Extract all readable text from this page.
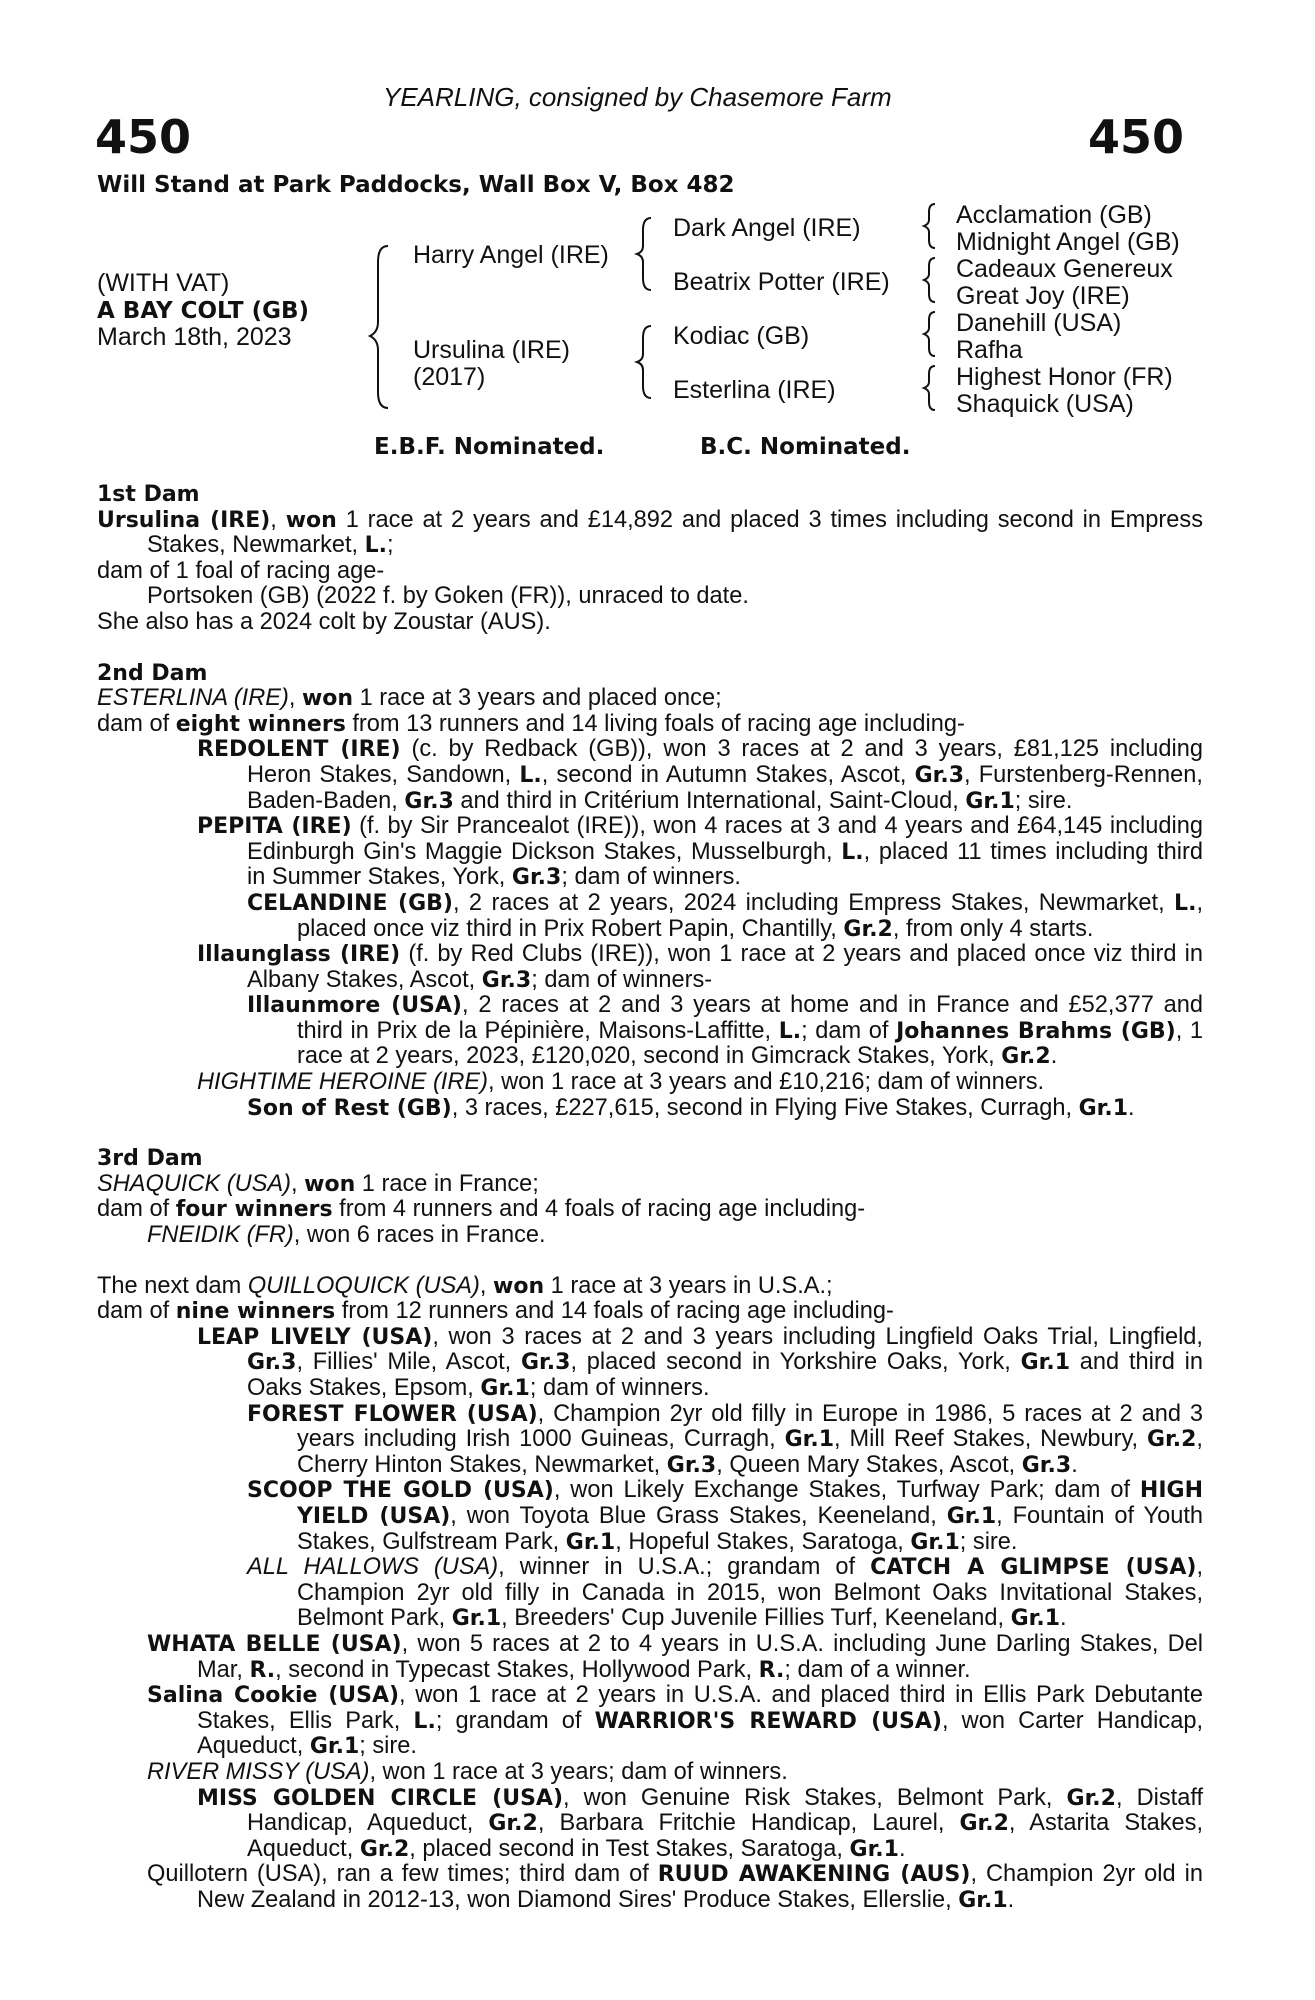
YEARLING, consigned by Chasemore Farm
450	450
Will Stand at Park Paddocks, Wall Box V, Box 482
(WITH VAT)
A BAY COLT (GB)
March 18th, 2023
Harry Angel (IRE)
Ursulina (IRE)
(2017)
Dark Angel (IRE)
Beatrix Potter (IRE)
Kodiac (GB)
Esterlina (IRE)
Acclamation (GB)
Midnight Angel (GB)
Cadeaux Genereux
Great Joy (IRE)
Danehill (USA)
Rafha
Highest Honor (FR)
Shaquick (USA)
E.B.F. Nominated.	B.C. Nominated.
1st Dam

Ursulina (IRE), won 1 race at 2 years and £14,892 and placed 3 times including second in Empress Stakes, Newmarket, L.;

dam of 1 foal of racing age-

Portsoken (GB) (2022 f. by Goken (FR)), unraced to date.

She also has a 2024 colt by Zoustar (AUS).

2nd Dam

ESTERLINA (IRE), won 1 race at 3 years and placed once;

dam of eight winners from 13 runners and 14 living foals of racing age including-

REDOLENT (IRE) (c. by Redback (GB)), won 3 races at 2 and 3 years, £81,125 including Heron Stakes, Sandown, L., second in Autumn Stakes, Ascot, Gr.3, Furstenberg-Rennen, Baden-Baden, Gr.3 and third in Critérium International, Saint-Cloud, Gr.1; sire.

PEPITA (IRE) (f. by Sir Prancealot (IRE)), won 4 races at 3 and 4 years and £64,145 including Edinburgh Gin's Maggie Dickson Stakes, Musselburgh, L., placed 11 times including third in Summer Stakes, York, Gr.3; dam of winners.

CELANDINE (GB), 2 races at 2 years, 2024 including Empress Stakes, Newmarket, L., placed once viz third in Prix Robert Papin, Chantilly, Gr.2, from only 4 starts.

Illaunglass (IRE) (f. by Red Clubs (IRE)), won 1 race at 2 years and placed once viz third in Albany Stakes, Ascot, Gr.3; dam of winners-

Illaunmore (USA), 2 races at 2 and 3 years at home and in France and £52,377 and third in Prix de la Pépinière, Maisons-Laffitte, L.; dam of Johannes Brahms (GB), 1 race at 2 years, 2023, £120,020, second in Gimcrack Stakes, York, Gr.2.

HIGHTIME HEROINE (IRE), won 1 race at 3 years and £10,216; dam of winners.

Son of Rest (GB), 3 races, £227,615, second in Flying Five Stakes, Curragh, Gr.1.

3rd Dam

SHAQUICK (USA), won 1 race in France;

dam of four winners from 4 runners and 4 foals of racing age including-

FNEIDIK (FR), won 6 races in France.

The next dam QUILLOQUICK (USA), won 1 race at 3 years in U.S.A.;

dam of nine winners from 12 runners and 14 foals of racing age including-

LEAP LIVELY (USA), won 3 races at 2 and 3 years including Lingfield Oaks Trial, Lingfield, Gr.3, Fillies' Mile, Ascot, Gr.3, placed second in Yorkshire Oaks, York, Gr.1 and third in Oaks Stakes, Epsom, Gr.1; dam of winners.

FOREST FLOWER (USA), Champion 2yr old filly in Europe in 1986, 5 races at 2 and 3 years including Irish 1000 Guineas, Curragh, Gr.1, Mill Reef Stakes, Newbury, Gr.2, Cherry Hinton Stakes, Newmarket, Gr.3, Queen Mary Stakes, Ascot, Gr.3.

SCOOP THE GOLD (USA), won Likely Exchange Stakes, Turfway Park; dam of HIGH YIELD (USA), won Toyota Blue Grass Stakes, Keeneland, Gr.1, Fountain of Youth Stakes, Gulfstream Park, Gr.1, Hopeful Stakes, Saratoga, Gr.1; sire.

ALL HALLOWS (USA), winner in U.S.A.; grandam of CATCH A GLIMPSE (USA), Champion 2yr old filly in Canada in 2015, won Belmont Oaks Invitational Stakes, Belmont Park, Gr.1, Breeders' Cup Juvenile Fillies Turf, Keeneland, Gr.1.

WHATA BELLE (USA), won 5 races at 2 to 4 years in U.S.A. including June Darling Stakes, Del Mar, R., second in Typecast Stakes, Hollywood Park, R.; dam of a winner.

Salina Cookie (USA), won 1 race at 2 years in U.S.A. and placed third in Ellis Park Debutante Stakes, Ellis Park, L.; grandam of WARRIOR'S REWARD (USA), won Carter Handicap, Aqueduct, Gr.1; sire.

RIVER MISSY (USA), won 1 race at 3 years; dam of winners.

MISS GOLDEN CIRCLE (USA), won Genuine Risk Stakes, Belmont Park, Gr.2, Distaff Handicap, Aqueduct, Gr.2, Barbara Fritchie Handicap, Laurel, Gr.2, Astarita Stakes, Aqueduct, Gr.2, placed second in Test Stakes, Saratoga, Gr.1.

Quillotern (USA), ran a few times; third dam of RUUD AWAKENING (AUS), Champion 2yr old in New Zealand in 2012-13, won Diamond Sires' Produce Stakes, Ellerslie, Gr.1.
